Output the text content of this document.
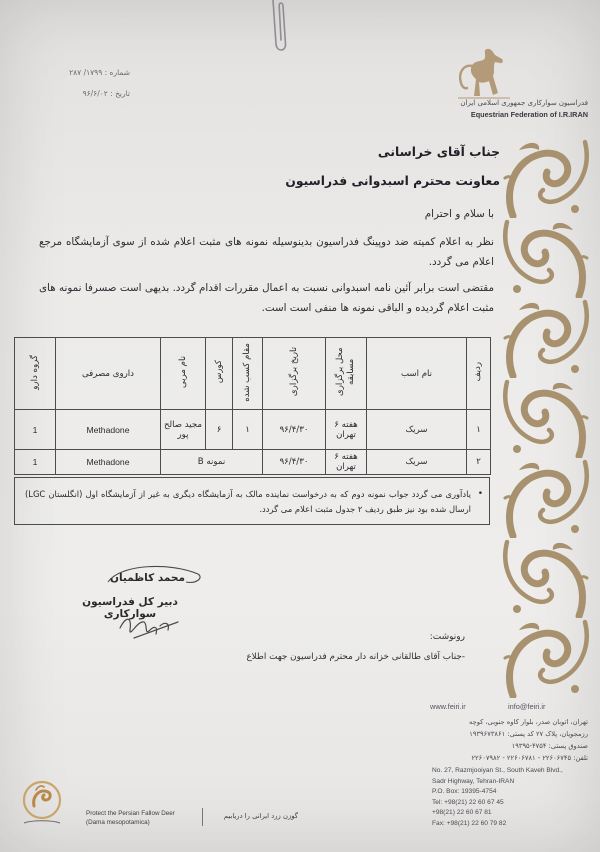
فدراسیون سوارکاری جمهوری اسلامی ایران
Equestrian Federation of I.R.IRAN
شماره : ۱۷۹۹/ ۲۸۷
تاریخ : ۹۶/۶/۰۲
جناب آقای خراسانی
معاونت محترم اسبدوانی فدراسیون

با سلام و احترام

نظر به اعلام کمیته ضد دوپینگ فدراسیون بدینوسیله نمونه های مثبت اعلام شده از سوی آزمایشگاه مرجع اعلام می گردد.

مقتضی است برابر آئین نامه اسبدوانی نسبت به اعمال مقررات اقدام گردد. بدیهی است صسرفا نمونه های مثبت اعلام گردیده و الباقی نمونه ها منفی است است.

ردیف	نام اسب	محل برگزاری مسابقه	تاریخ برگزاری	مقام کسب شده	کورس	نام مربی	داروی مصرفی	گروه دارو
۱	سریک	هفته ۶ تهران	۹۶/۴/۳۰	۱	۶	مجید صالح پور	Methadone	1
۲	سریک	هفته ۶ تهران	۹۶/۴/۳۰	نمونه B			Methadone	1
•
یادآوری می گردد جواب نمونه دوم که به درخواست نماینده مالک به آزمایشگاه دیگری به غیر از آزمایشگاه اول (انگلستان LGC) ارسال شده بود نیز طبق ردیف ۲ جدول مثبت اعلام می گردد.
محمد کاظمیان
دبیر کل فدراسیون سوارکاری
رونوشت:
-جناب آقای طالقانی خزانه دار محترم فدراسیون جهت اطلاع
www.feiri.ir	info@feiri.ir
تهران، اتوبان صدر، بلوار کاوه جنوبی، کوچه
رزمجویان، پلاک ۲۷ کد پستی: ۱۹۳۹۶۷۳۸۶۱
صندوق پستی: ۴۷۵۴-۱۹۳۹۵
تلفن: ۲۲۶۰۶۷۴۵ - ۲۲۶۰۶۷۸۱ - ۲۲۶۰۷۹۸۲
No. 27, Razmjooiyan St., South Kaveh Blvd.,
Sadr Highway, Tehran-IRAN
P.O. Box: 19395-4754
Tel: +98(21) 22 60 67 45
+98(21) 22 60 67 81
Fax: +98(21) 22 60 79 82
Protect the Persian Fallow Deer
(Dama mesopotamica)
گوزن زرد ایرانی را دریابیم
